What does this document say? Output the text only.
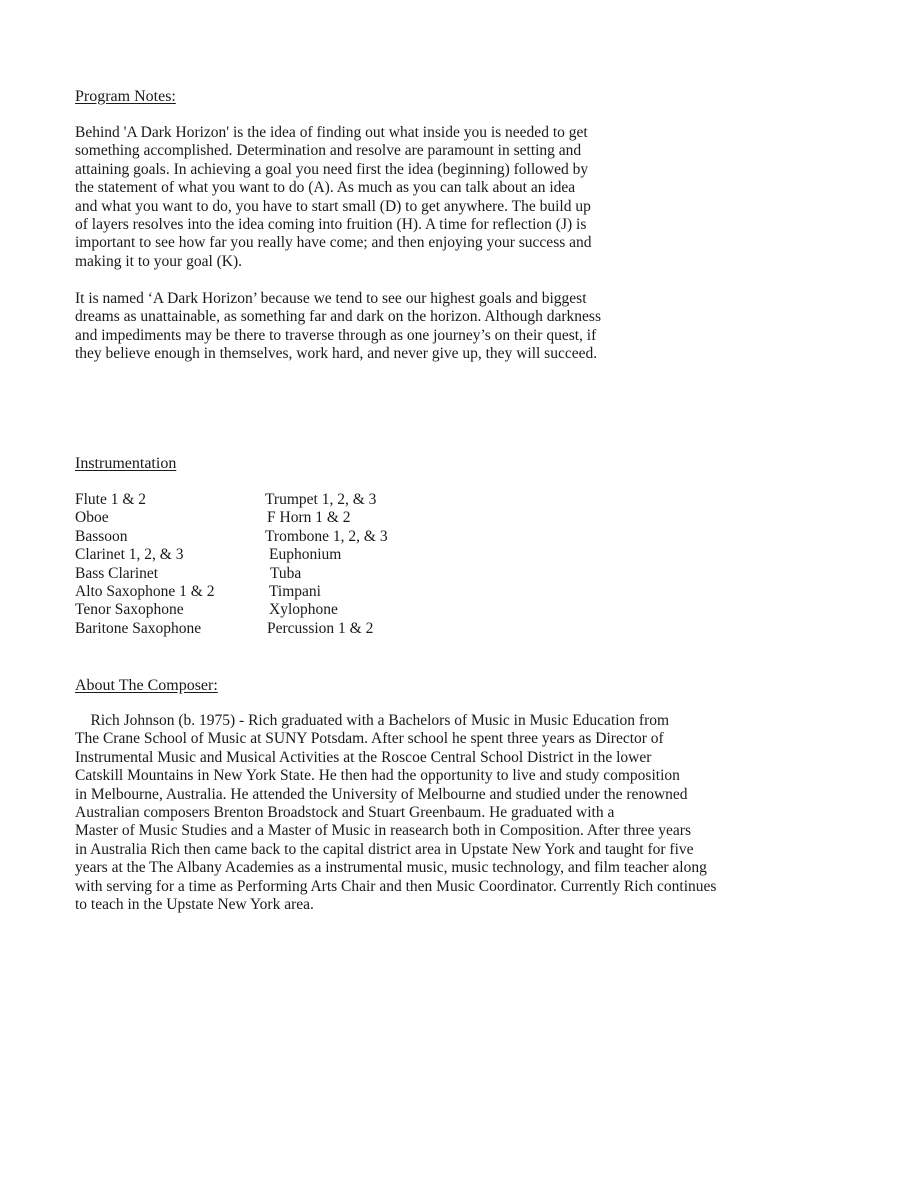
Program Notes:

Behind 'A Dark Horizon' is the idea of finding out what inside you is needed to get
something accomplished. Determination and resolve are paramount in setting and
attaining goals. In achieving a goal you need first the idea (beginning) followed by
the statement of what you want to do (A). As much as you can talk about an idea
and what you want to do, you have to start small (D) to get anywhere. The build up
of layers resolves into the idea coming into fruition (H). A time for reflection (J) is
important to see how far you really have come; and then enjoying your success and
making it to your goal (K).

It is named ‘A Dark Horizon’ because we tend to see our highest goals and biggest
dreams as unattainable, as something far and dark on the horizon. Although darkness
and impediments may be there to traverse through as one journey’s on their quest, if
they believe enough in themselves, work hard, and never give up, they will succeed.

Instrumentation
Flute 1 & 2	Trumpet 1, 2, & 3
Oboe	F Horn 1 & 2
Bassoon	Trombone 1, 2, & 3
Clarinet 1, 2, & 3	Euphonium
Bass Clarinet	Tuba
Alto Saxophone 1 & 2	Timpani
Tenor Saxophone	Xylophone
Baritone Saxophone	Percussion 1 & 2
About The Composer:

Rich Johnson (b. 1975) - Rich graduated with a Bachelors of Music in Music Education from
The Crane School of Music at SUNY Potsdam. After school he spent three years as Director of
Instrumental Music and Musical Activities at the Roscoe Central School District in the lower
Catskill Mountains in New York State. He then had the opportunity to live and study composition
in Melbourne, Australia. He attended the University of Melbourne and studied under the renowned
Australian composers Brenton Broadstock and Stuart Greenbaum. He graduated with a
Master of Music Studies and a Master of Music in reasearch both in Composition. After three years
in Australia Rich then came back to the capital district area in Upstate New York and taught for five
years at the The Albany Academies as a instrumental music, music technology, and film teacher along
with serving for a time as Performing Arts Chair and then Music Coordinator. Currently Rich continues
to teach in the Upstate New York area.
